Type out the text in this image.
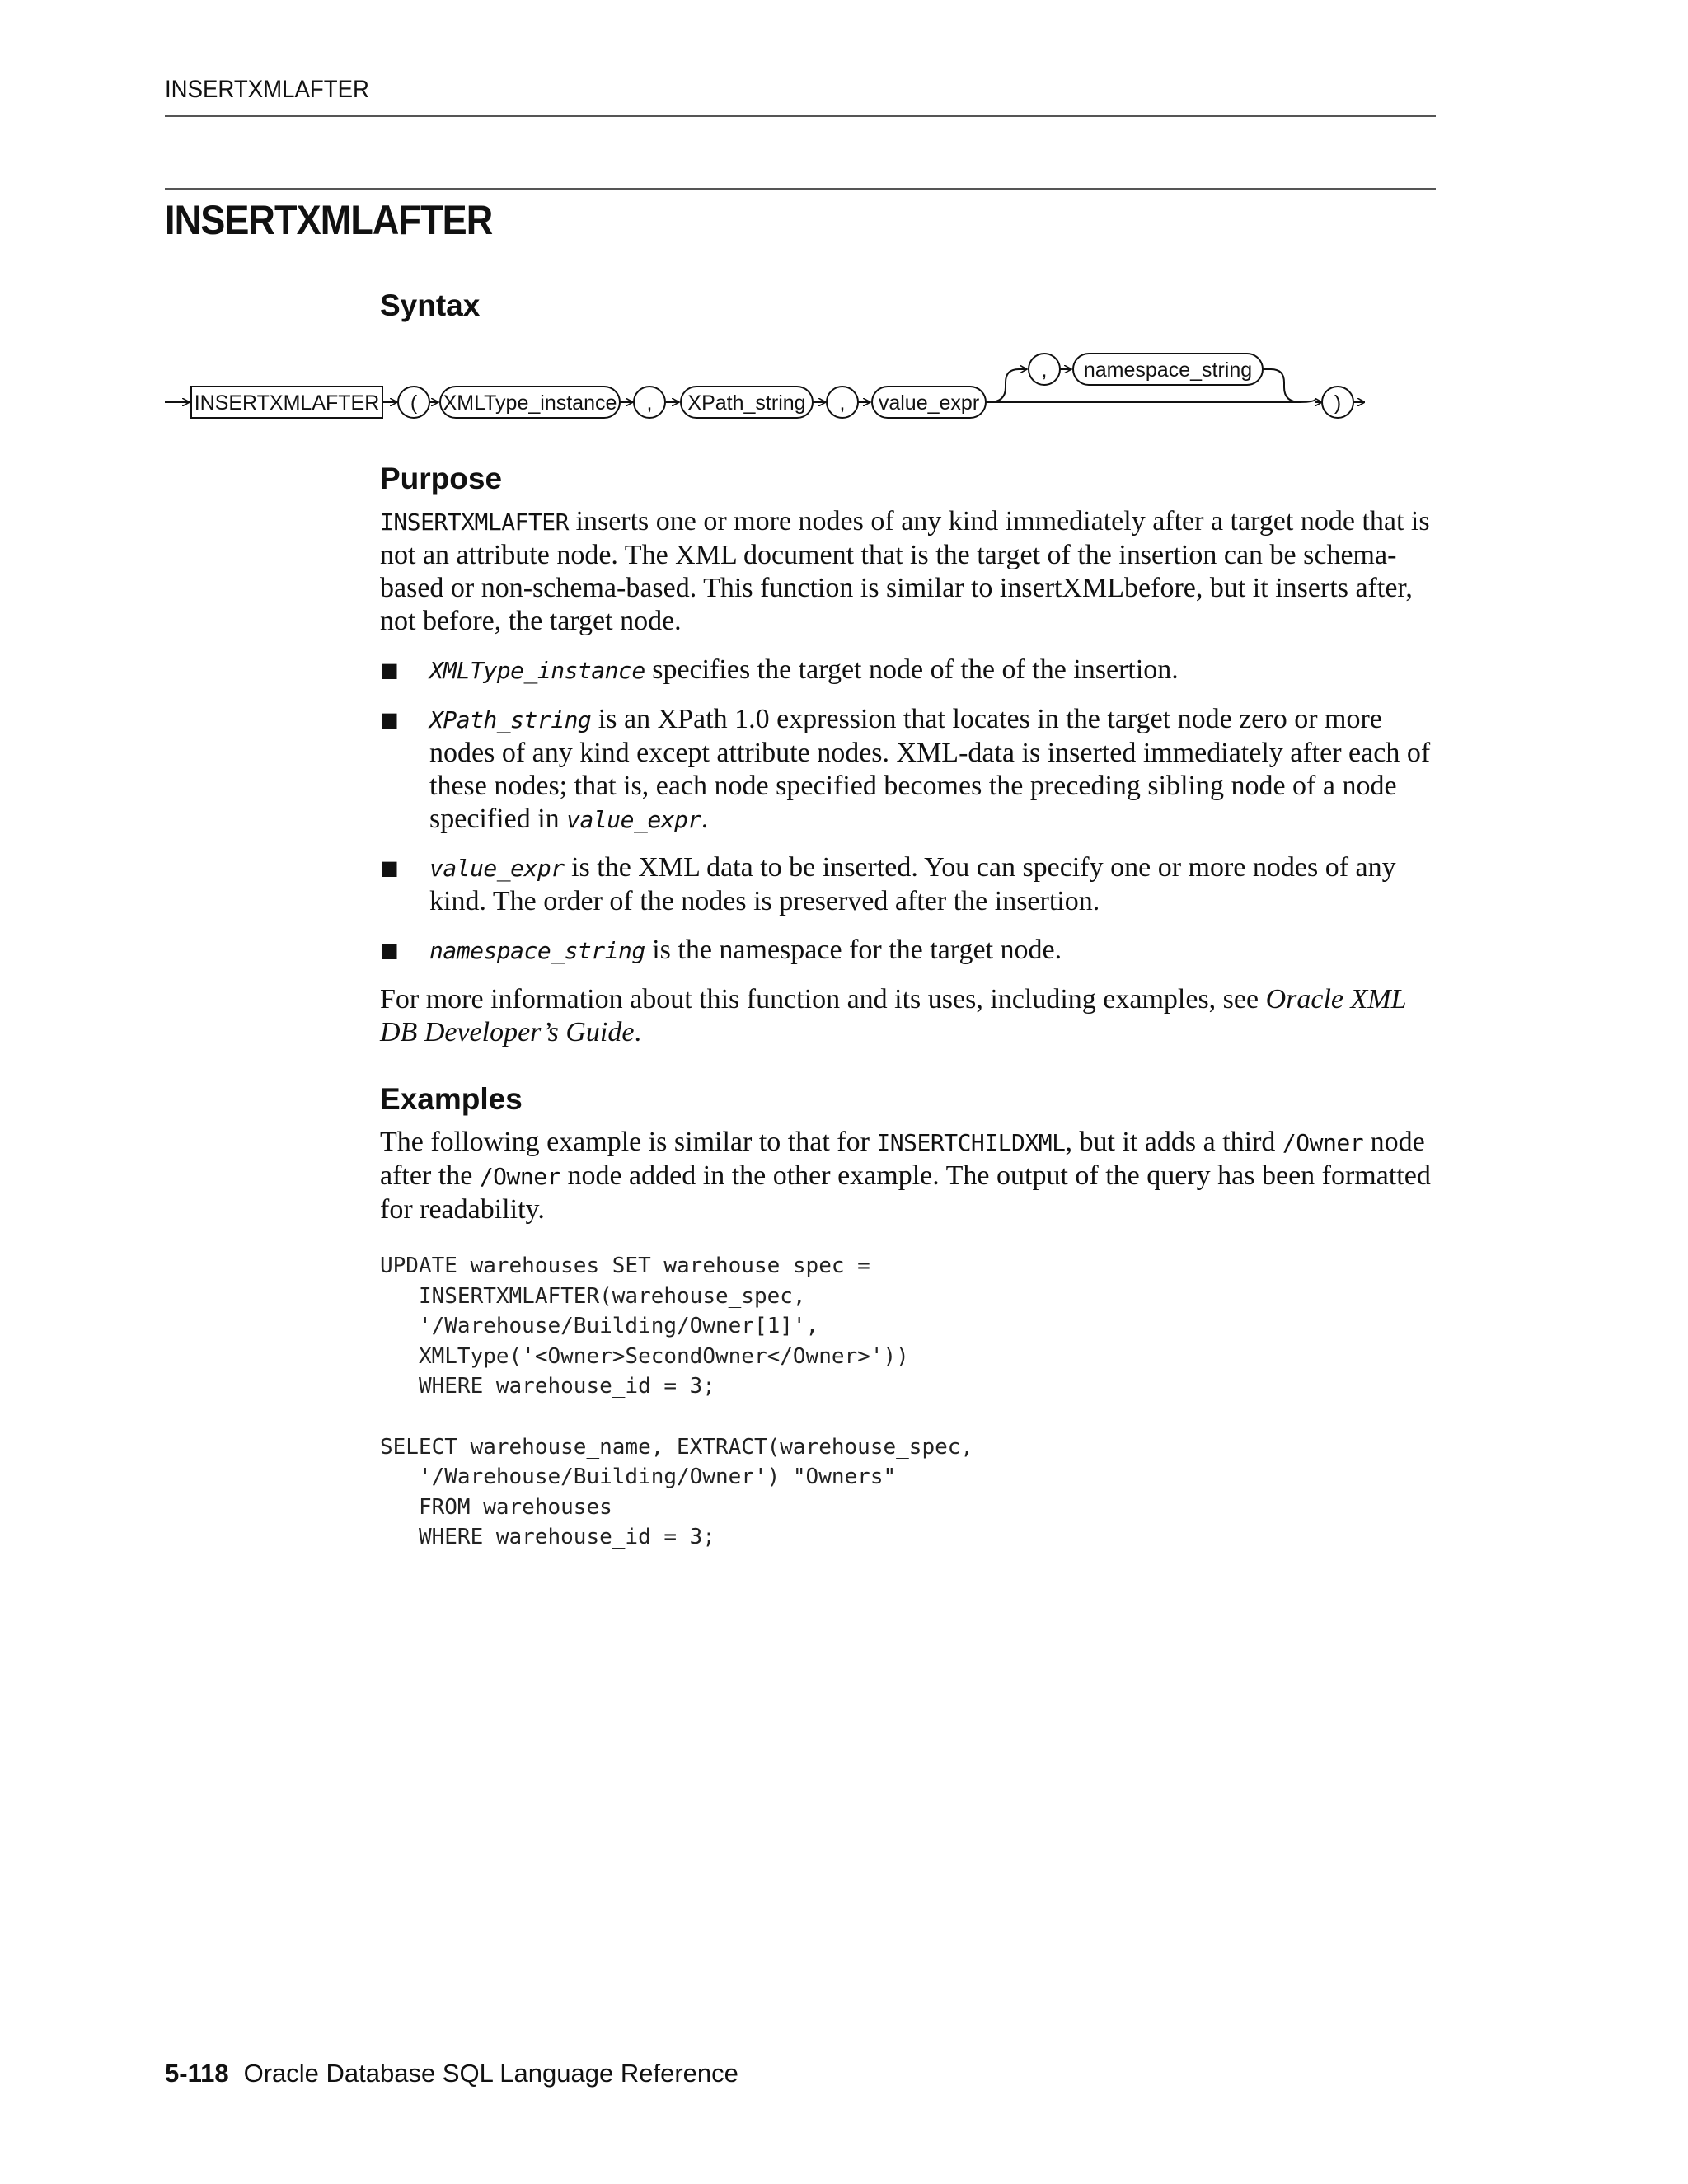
INSERTXMLAFTER
INSERTXMLAFTER
Syntax
INSERTXMLAFTER ( XMLType_instance , XPath_string , value_expr
, namespace_string
)
Purpose

INSERTXMLAFTER inserts one or more nodes of any kind immediately after a target node that is not an attribute node. The XML document that is the target of the insertion can be schema-based or non-schema-based. This function is similar to insertXMLbefore, but it inserts after, not before, the target node.

■ XMLType_instance specifies the target node of the of the insertion.

■ XPath_string is an XPath 1.0 expression that locates in the target node zero or more nodes of any kind except attribute nodes. XML-data is inserted immediately after each of these nodes; that is, each node specified becomes the preceding sibling node of a node specified in value_expr.

■ value_expr is the XML data to be inserted. You can specify one or more nodes of any kind. The order of the nodes is preserved after the insertion.

■ namespace_string is the namespace for the target node.

For more information about this function and its uses, including examples, see Oracle XML DB Developer’s Guide.

Examples

The following example is similar to that for INSERTCHILDXML, but it adds a third /Owner node after the /Owner node added in the other example. The output of the query has been formatted for readability.

UPDATE warehouses SET warehouse_spec =
INSERTXMLAFTER(warehouse_spec,
'/Warehouse/Building/Owner[1]',
XMLType('<Owner>SecondOwner</Owner>'))
WHERE warehouse_id = 3;

SELECT warehouse_name, EXTRACT(warehouse_spec,
'/Warehouse/Building/Owner') "Owners"
FROM warehouses
WHERE warehouse_id = 3;
5-118 Oracle Database SQL Language Reference
